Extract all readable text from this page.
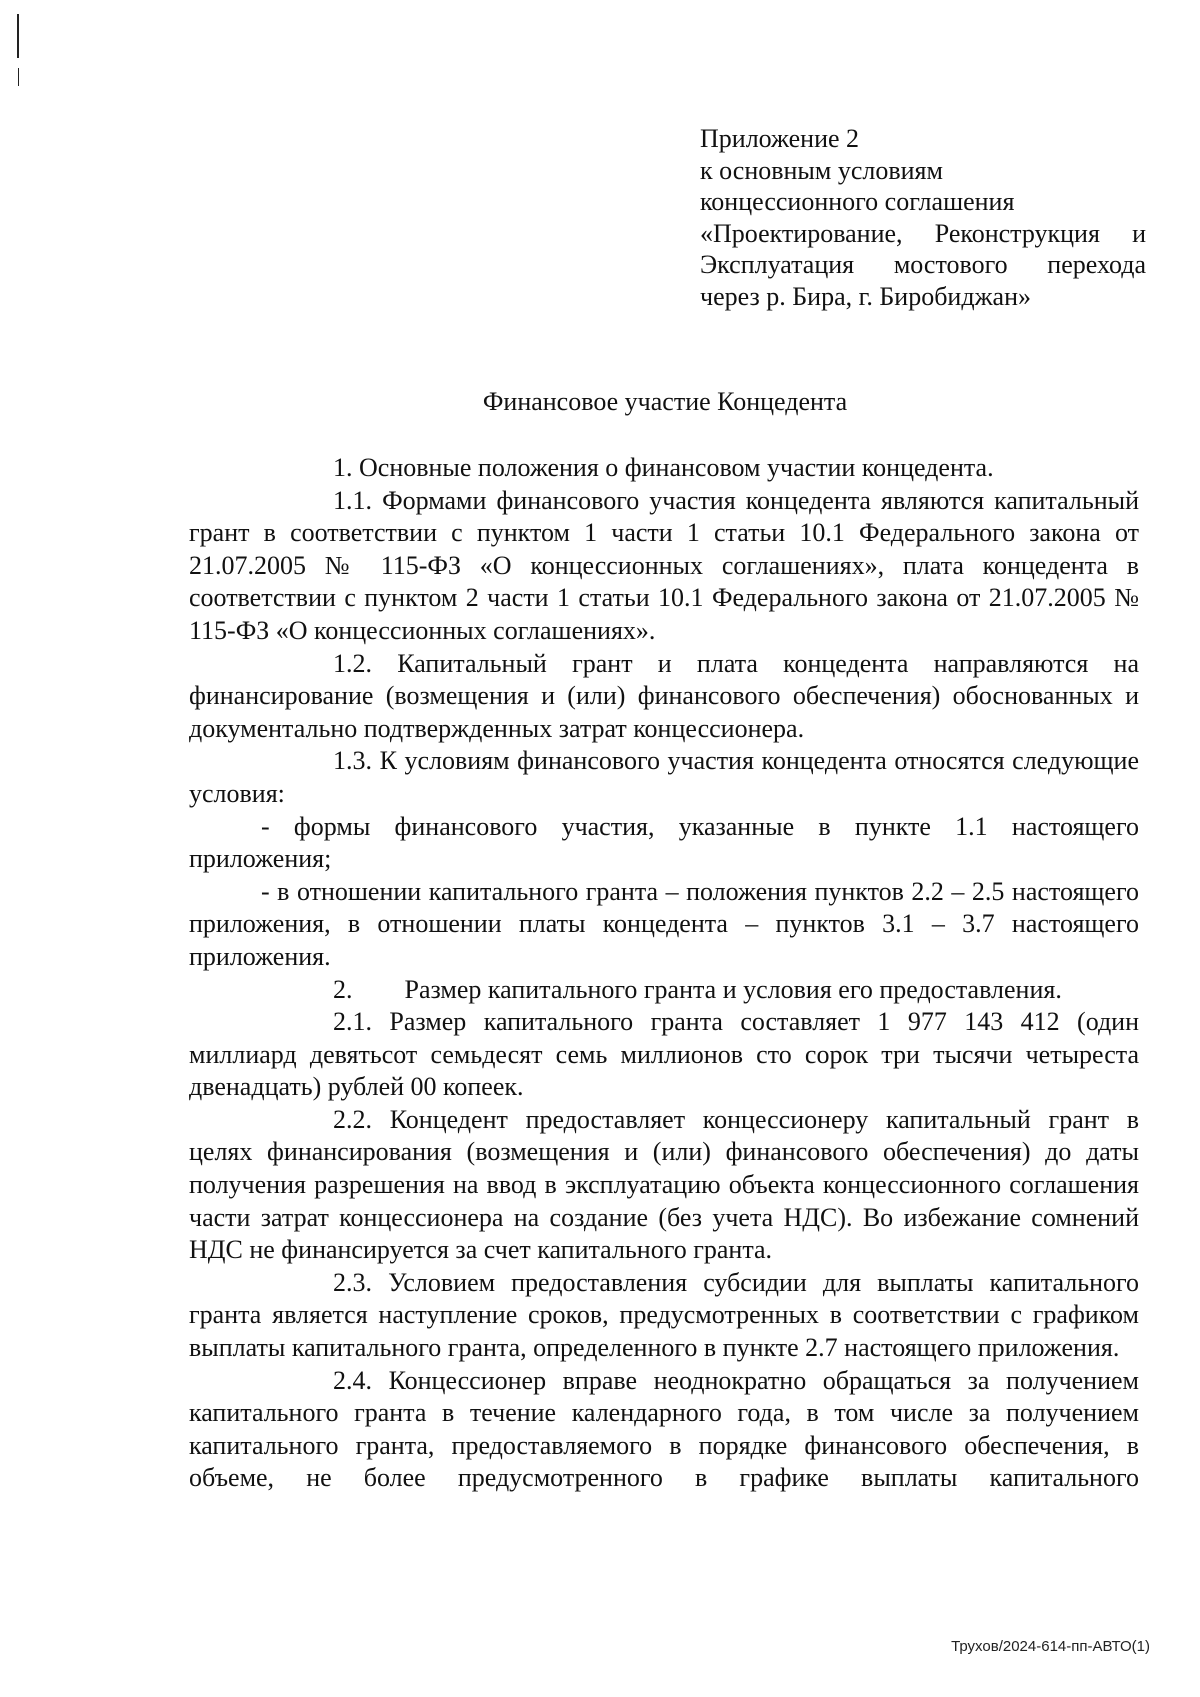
Приложение 2
к основным условиям
концессионного соглашения
«Проектирование, Реконструкция и
Эксплуатация мостового перехода
через р. Бира, г. Биробиджан»
Финансовое участие Концедента

1. Основные положения о финансовом участии концедента.

1.1. Формами финансового участия концедента являются капитальный грант в соответствии с пунктом 1 части 1 статьи 10.1 Федерального закона от 21.07.2005 № 115-ФЗ «О концессионных соглашениях», плата концедента в соответствии с пунктом 2 части 1 статьи 10.1 Федерального закона от 21.07.2005 № 115-ФЗ «О концессионных соглашениях».

1.2. Капитальный грант и плата концедента направляются на финансирование (возмещения и (или) финансового обеспечения) обоснованных и документально подтвержденных затрат концессионера.

1.3. К условиям финансового участия концедента относятся следующие условия:

- формы финансового участия, указанные в пункте 1.1 настоящего приложения;

- в отношении капитального гранта – положения пунктов 2.2 – 2.5 настоящего приложения, в отношении платы концедента – пунктов 3.1 – 3.7 настоящего приложения.

2. Размер капитального гранта и условия его предоставления.

2.1. Размер капитального гранта составляет 1 977 143 412 (один миллиард девятьсот семьдесят семь миллионов сто сорок три тысячи четыреста двенадцать) рублей 00 копеек.

2.2. Концедент предоставляет концессионеру капитальный грант в целях финансирования (возмещения и (или) финансового обеспечения) до даты получения разрешения на ввод в эксплуатацию объекта концессионного соглашения части затрат концессионера на создание (без учета НДС). Во избежание сомнений НДС не финансируется за счет капитального гранта.

2.3. Условием предоставления субсидии для выплаты капитального гранта является наступление сроков, предусмотренных в соответствии с графиком выплаты капитального гранта, определенного в пункте 2.7 настоящего приложения.

2.4. Концессионер вправе неоднократно обращаться за получением капитального гранта в течение календарного года, в том числе за получением капитального гранта, предоставляемого в порядке финансового обеспечения, в объеме, не более предусмотренного в графике выплаты капитального

Трухов/2024-614-пп-АВТО(1)
